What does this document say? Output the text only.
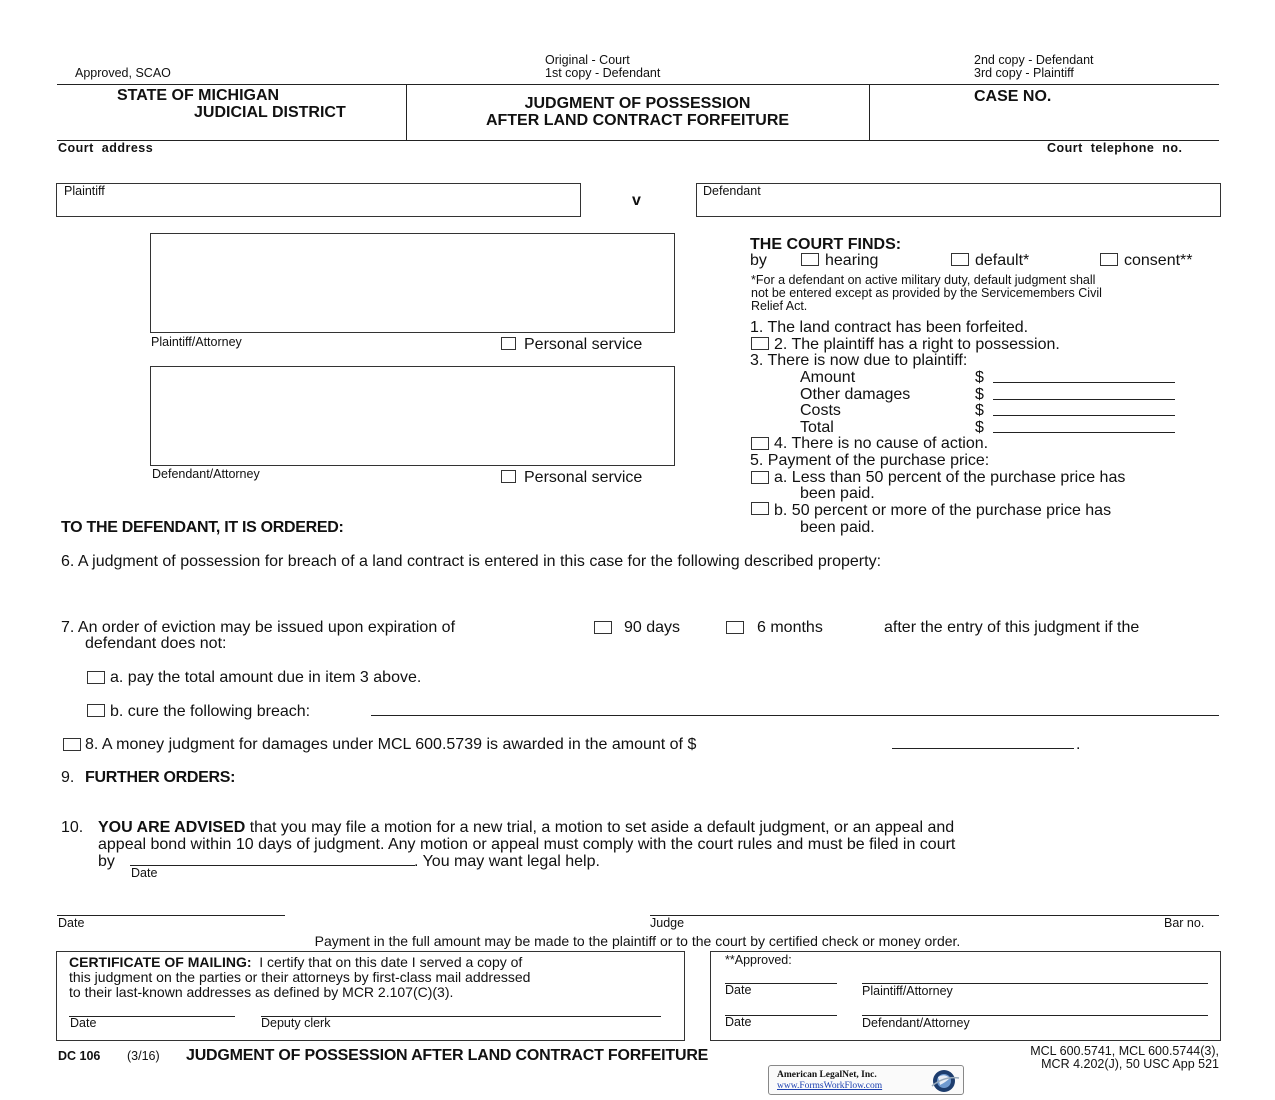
Approved, SCAO
Original - Court
1st copy - Defendant
2nd copy - Defendant
3rd copy - Plaintiff
STATE OF MICHIGAN
JUDICIAL DISTRICT
JUDGMENT OF POSSESSION
AFTER LAND CONTRACT FORFEITURE
CASE NO.
Court  address	Court  telephone  no.
Plaintiff
v
Defendant
Plaintiff/Attorney	Personal service
Defendant/Attorney	Personal service
THE COURT FINDS:
by	hearing	default*	consent**
*For a defendant on active military duty, default judgment shall
not be entered except as provided by the Servicemembers Civil
Relief Act.
1. The land contract has been forfeited.
2. The plaintiff has a right to possession.
3. There is now due to plaintiff:
Amount	$
Other damages	$
Costs	$
Total	$
4. There is no cause of action.
5. Payment of the purchase price:
a. Less than 50 percent of the purchase price has
been paid.
b. 50 percent or more of the purchase price has
been paid.
TO THE DEFENDANT, IT IS ORDERED:
6. A judgment of possession for breach of a land contract is entered in this case for the following described property:
7. An order of eviction may be issued upon expiration of	90 days	6 months	after the entry of this judgment if the
defendant does not:
a. pay the total amount due in item 3 above.
b. cure the following breach:
8. A money judgment for damages under MCL 600.5739 is awarded in the amount of $	.
9. FURTHER ORDERS:
10. YOU ARE ADVISED that you may file a motion for a new trial, a motion to set aside a default judgment, or an appeal and
appeal bond within 10 days of judgment. Any motion or appeal must comply with the court rules and must be filed in court
by	. You may want legal help.
Date
Date	Judge	Bar no.
Payment in the full amount may be made to the plaintiff or to the court by certified check or money order.
CERTIFICATE OF MAILING:  I certify that on this date I served a copy of
this judgment on the parties or their attorneys by first-class mail addressed
to their last-known addresses as defined by MCR 2.107(C)(3).
Date	Deputy clerk
**Approved:
Date	Plaintiff/Attorney
Date	Defendant/Attorney
DC 106 (3/16) JUDGMENT OF POSSESSION AFTER LAND CONTRACT FORFEITURE	MCL 600.5741, MCL 600.5744(3),
MCR 4.202(J), 50 USC App 521
American LegalNet, Inc.
www.FormsWorkFlow.com
